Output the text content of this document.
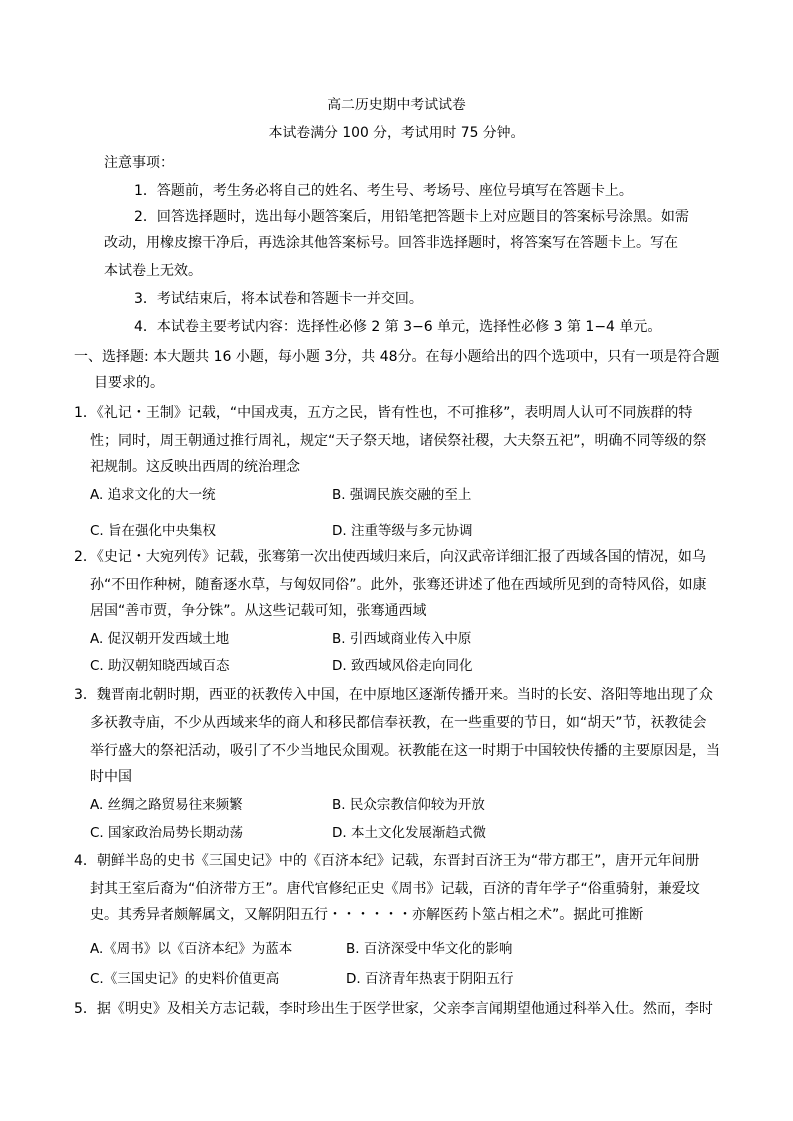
高二历史期中考试试卷
本试卷满分 100 分，考试用时 75 分钟。
注意事项：
1．答题前，考生务必将自己的姓名、考生号、考场号、座位号填写在答题卡上。
2．回答选择题时，选出每小题答案后，用铅笔把答题卡上对应题目的答案标号涂黑。如需
改动，用橡皮擦干净后，再选涂其他答案标号。回答非选择题时，将答案写在答题卡上。写在
本试卷上无效。
3．考试结束后，将本试卷和答题卡一并交回。
4．本试卷主要考试内容：选择性必修 2 第 3−6 单元，选择性必修 3 第 1−4 单元。
一、选择题: 本大题共 16 小题，每小题 3分，共 48分。在每小题给出的四个选项中，只有一项是符合题
目要求的。
1．《礼记・王制》记载，“中国戎夷，五方之民，皆有性也，不可推移”，表明周人认可不同族群的特
性；同时，周王朝通过推行周礼，规定“天子祭天地，诸侯祭社稷，大夫祭五祀”，明确不同等级的祭
祀规制。这反映出西周的统治理念
A. 追求文化的大一统	B. 强调民族交融的至上
C. 旨在强化中央集权	D. 注重等级与多元协调
2．《史记・大宛列传》记载，张骞第一次出使西域归来后，向汉武帝详细汇报了西域各国的情况，如乌
孙“不田作种树，随畜逐水草，与匈奴同俗”。此外，张骞还讲述了他在西域所见到的奇特风俗，如康
居国“善市贾，争分铢”。从这些记载可知，张骞通西域
A. 促汉朝开发西域土地	B. 引西域商业传入中原
C. 助汉朝知晓西域百态	D. 致西域风俗走向同化
3．魏晋南北朝时期，西亚的祆教传入中国，在中原地区逐渐传播开来。当时的长安、洛阳等地出现了众
多祆教寺庙，不少从西域来华的商人和移民都信奉祆教，在一些重要的节日，如“胡天”节，祆教徒会
举行盛大的祭祀活动，吸引了不少当地民众围观。祆教能在这一时期于中国较快传播的主要原因是，当
时中国
A. 丝绸之路贸易往来频繁	B. 民众宗教信仰较为开放
C. 国家政治局势长期动荡	D. 本土文化发展渐趋式微
4．朝鲜半岛的史书《三国史记》中的《百济本纪》记载，东晋封百济王为“带方郡王”，唐开元年间册
封其王室后裔为“伯济带方王”。唐代官修纪正史《周书》记载，百济的青年学子“俗重骑射，兼爱坟
史。其秀异者颇解属文，又解阴阳五行・・・・・・亦解医药卜筮占相之术”。据此可推断
A.《周书》以《百济本纪》为蓝本	B. 百济深受中华文化的影响
C.《三国史记》的史料价值更高	D. 百济青年热衷于阴阳五行
5．据《明史》及相关方志记载，李时珍出生于医学世家，父亲李言闻期望他通过科举入仕。然而，李时
